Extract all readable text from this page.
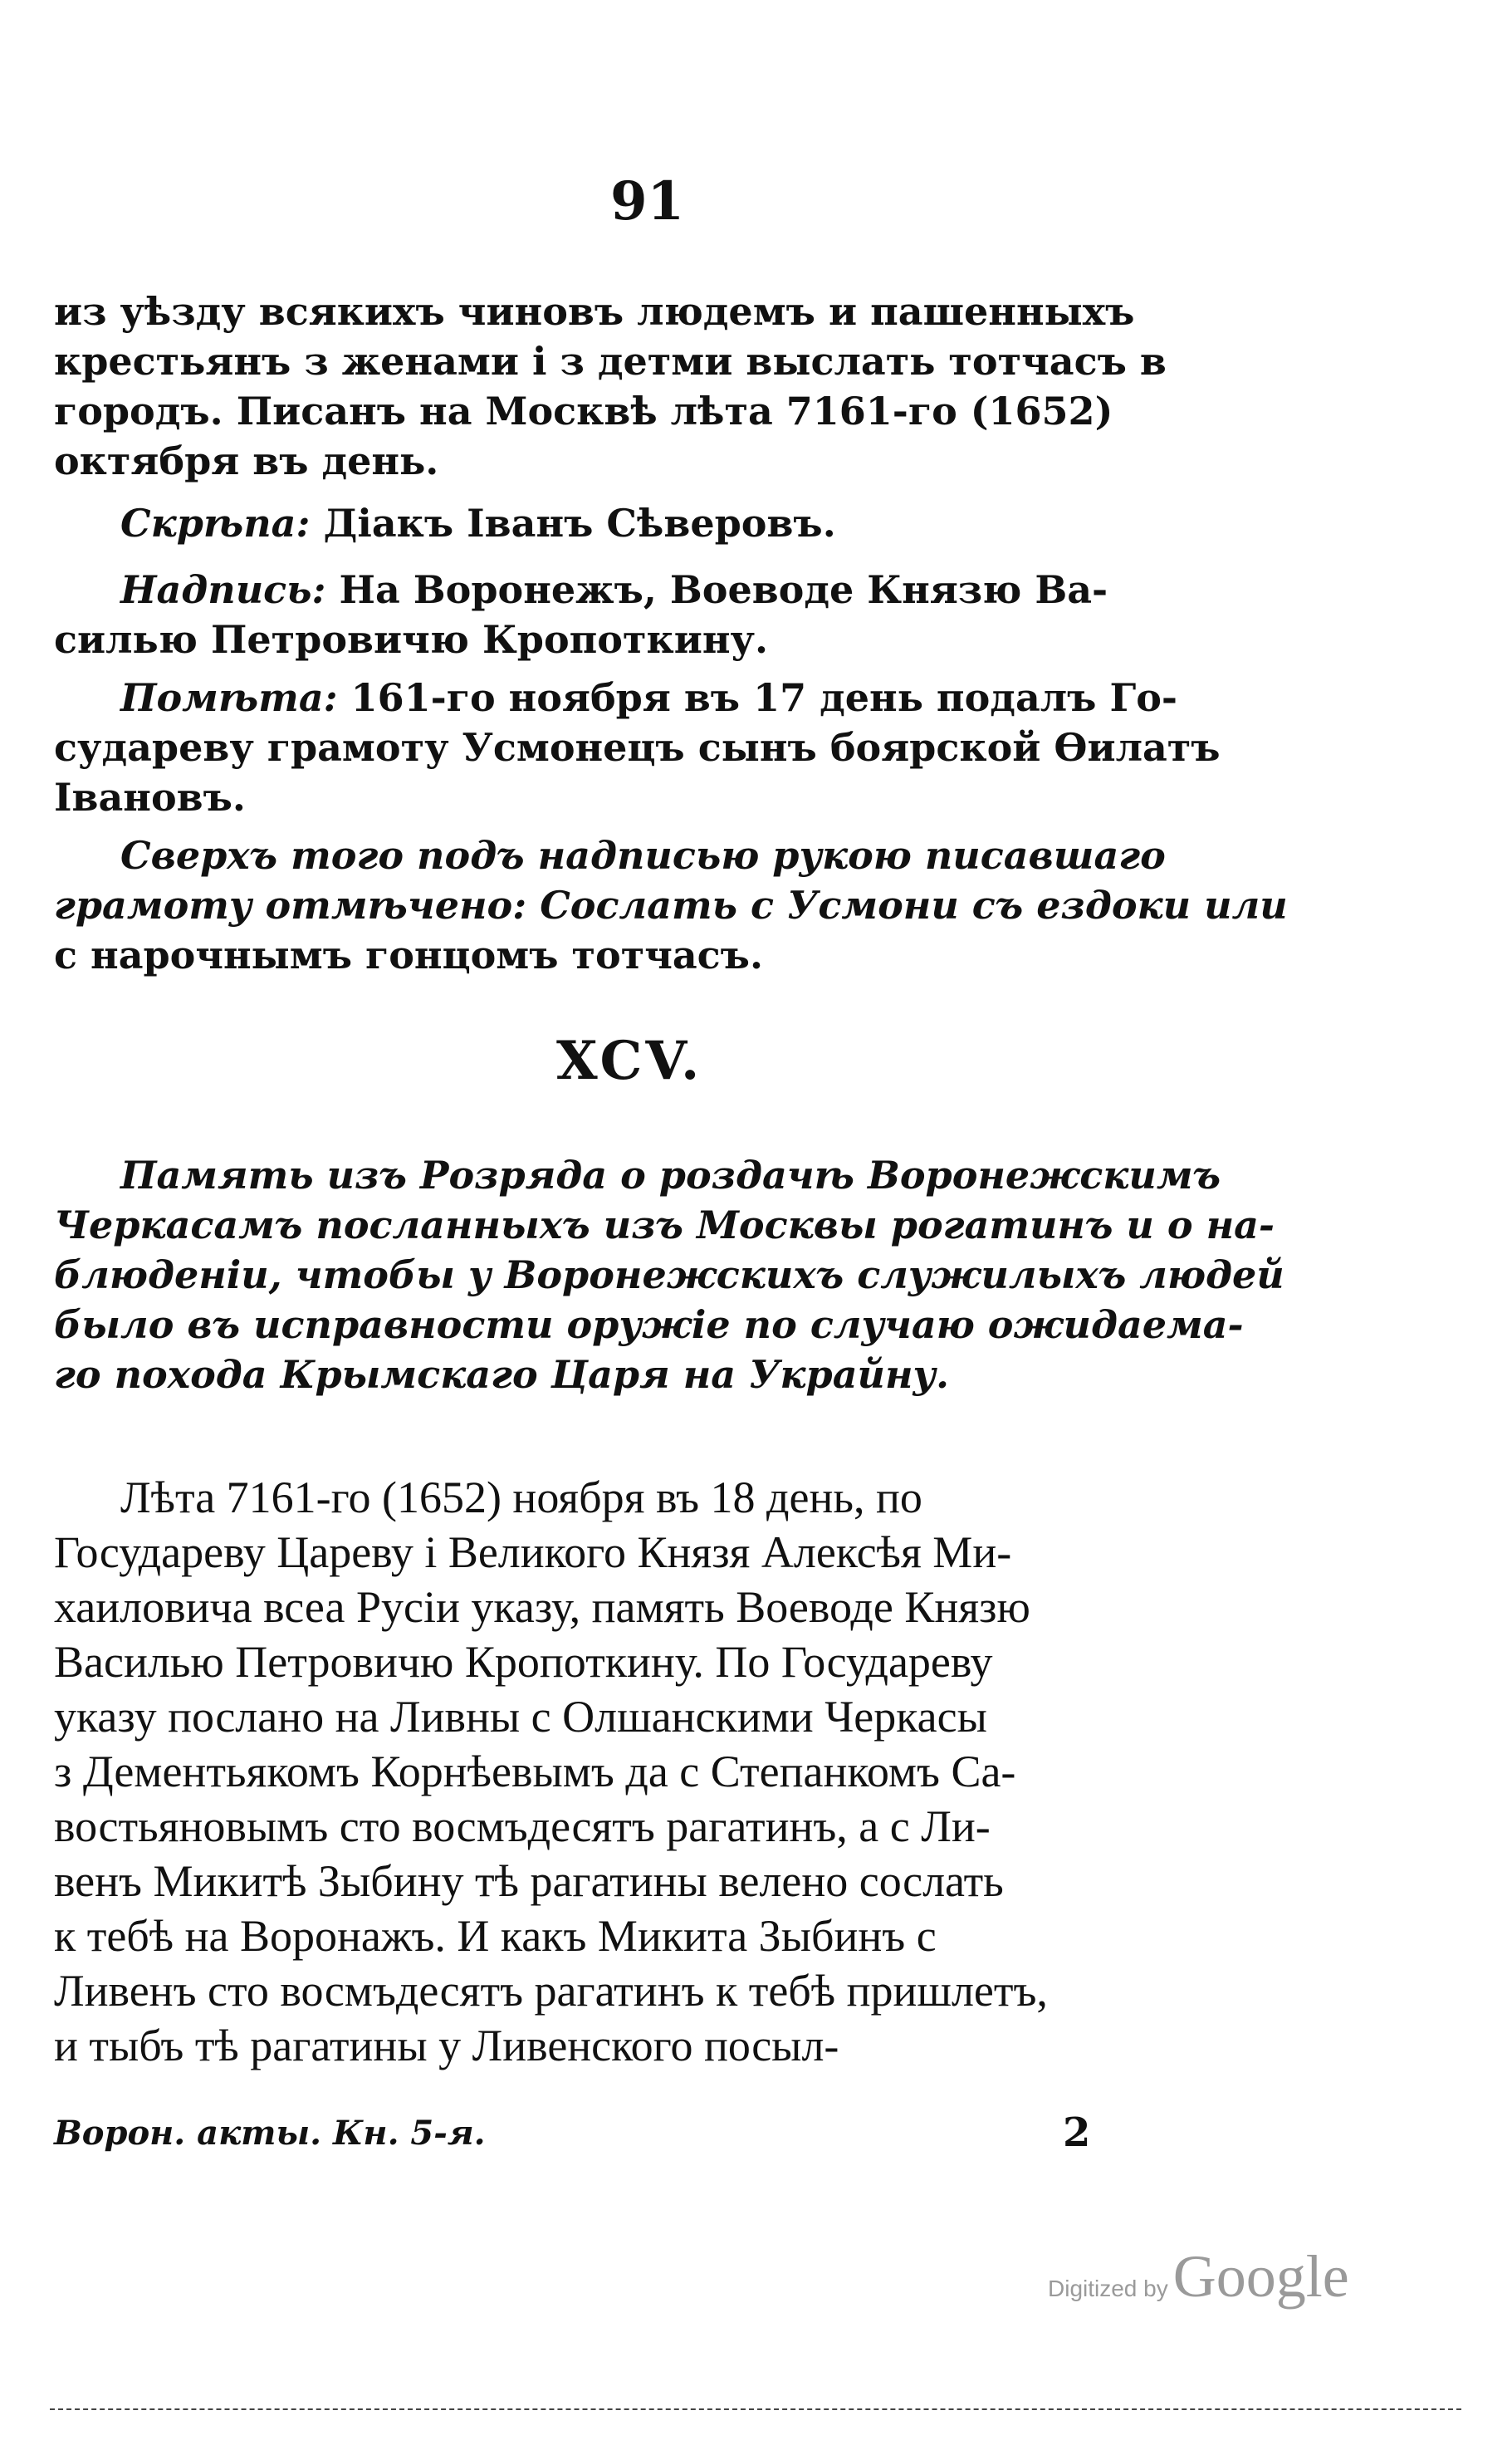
91
из уѣзду всякихъ чиновъ людемъ и пашенныхъ
крестьянъ з женами і з детми выслать тотчасъ в
городъ. Писанъ на Москвѣ лѣта 7161-го (1652)
октября въ день.
Скрѣпа: Діакъ Іванъ Сѣверовъ.
Надпись: На Воронежъ, Воеводе Князю Ва-
силью Петровичю Кропоткину.
Помѣта: 161-го ноября въ 17 день подалъ Го-
судареву грамоту Усмонецъ сынъ боярской Ѳилатъ
Івановъ.
Сверхъ того подъ надписью рукою писавшаго
грамоту отмѣчено: Сослать с Усмони съ ездоки или
с нарочнымъ гонцомъ тотчасъ.
XCV.
Память изъ Розряда о роздачѣ Воронежскимъ
Черкасамъ посланныхъ изъ Москвы рогатинъ и о на-
блюденіи, чтобы у Воронежскихъ служилыхъ людей
было въ исправности оружіе по случаю ожидаема-
го похода Крымскаго Царя на Украйну.
Лѣта 7161-го (1652) ноября въ 18 день, по
Государеву Цареву і Великого Князя Алексѣя Ми-
хаиловича всеа Русіи указу, память Воеводе Князю
Василью Петровичю Кропоткину. По Государеву
указу послано на Ливны с Олшанскими Черкасы
з Дементьякомъ Корнѣевымъ да с Степанкомъ Са-
востьяновымъ сто восмъдесятъ рагатинъ, а с Ли-
венъ Микитѣ Зыбину тѣ рагатины велено сослать
к тебѣ на Воронажъ. И какъ Микита Зыбинъ с
Ливенъ сто восмъдесятъ рагатинъ к тебѣ пришлетъ,
и тыбъ тѣ рагатины у Ливенского посыл-
Ворон. акты. Кн. 5-я.	2
Digitized by Google
